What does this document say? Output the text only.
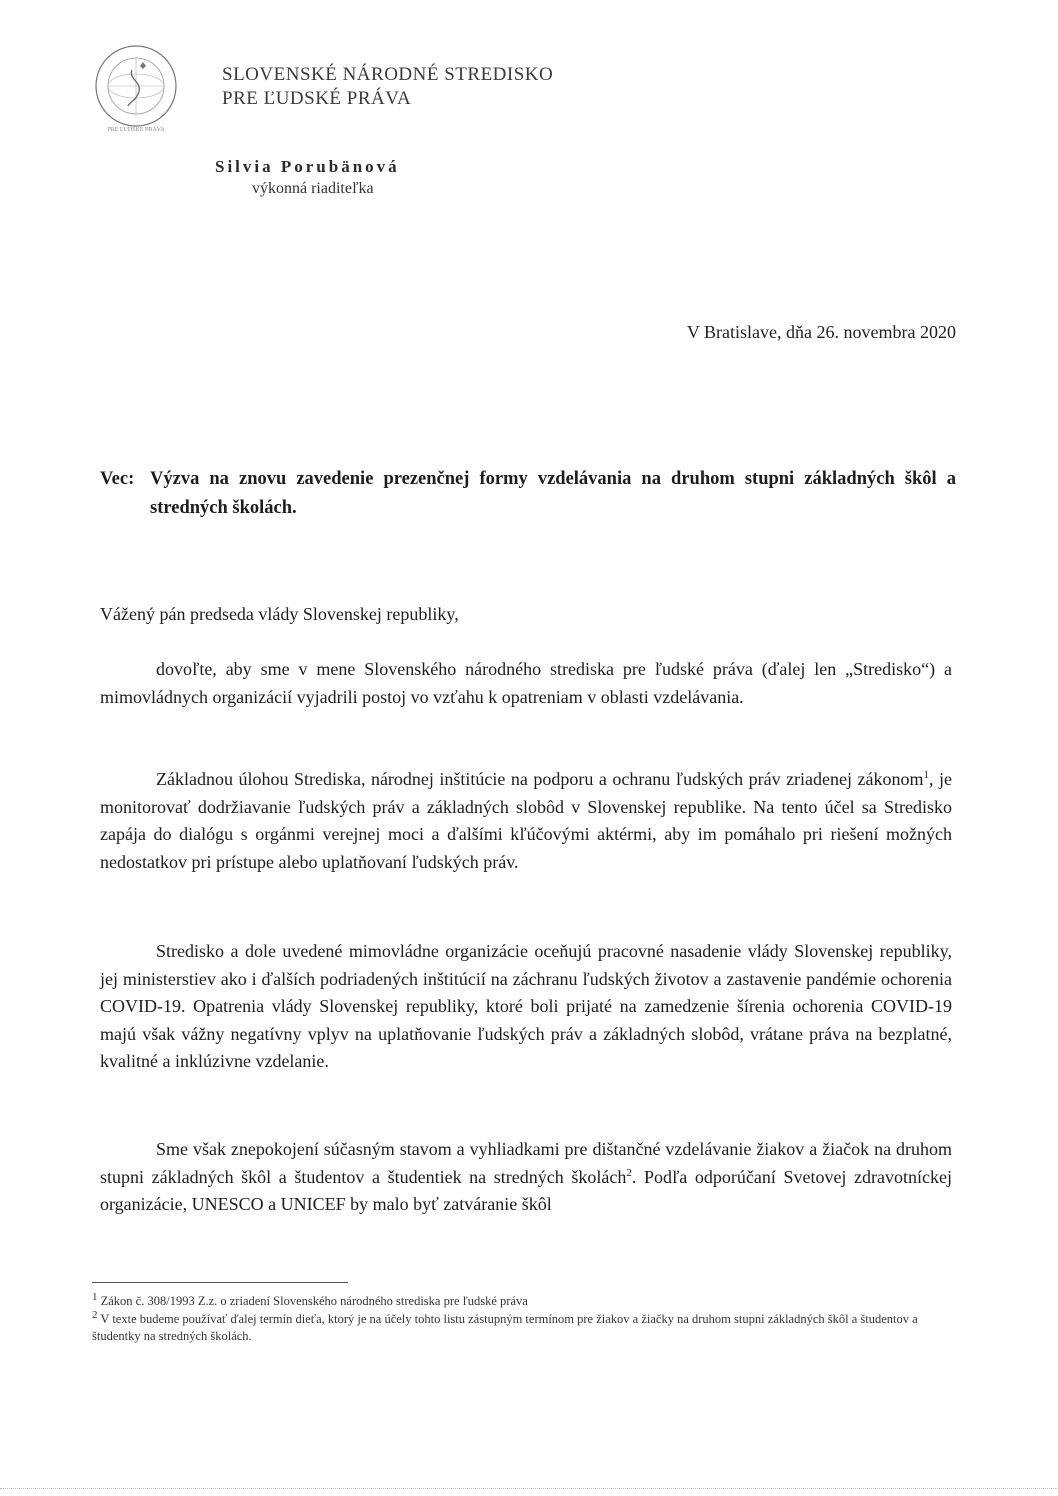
PRE ĽUDSKÉ PRÁVA
SLOVENSKÉ NÁRODNÉ STREDISKO
PRE ĽUDSKÉ PRÁVA
Silvia Porubänová
výkonná riaditeľka
V Bratislave, dňa 26. novembra 2020
Vec: Výzva na znovu zavedenie prezenčnej formy vzdelávania na druhom stupni základných škôl a stredných školách.
Vážený pán predseda vlády Slovenskej republiky,

dovoľte, aby sme v mene Slovenského národného strediska pre ľudské práva (ďalej len „Stredisko“) a mimovládnych organizácií vyjadrili postoj vo vzťahu k opatreniam v oblasti vzdelávania.

Základnou úlohou Strediska, národnej inštitúcie na podporu a ochranu ľudských práv zriadenej zákonom$^1$, je monitorovať dodržiavanie ľudských práv a základných slobôd v Slovenskej republike. Na tento účel sa Stredisko zapája do dialógu s orgánmi verejnej moci a ďalšími kľúčovými aktérmi, aby im pomáhalo pri riešení možných nedostatkov pri prístupe alebo uplatňovaní ľudských práv.

Stredisko a dole uvedené mimovládne organizácie oceňujú pracovné nasadenie vlády Slovenskej republiky, jej ministerstiev ako i ďalších podriadených inštitúcií na záchranu ľudských životov a zastavenie pandémie ochorenia COVID-19. Opatrenia vlády Slovenskej republiky, ktoré boli prijaté na zamedzenie šírenia ochorenia COVID-19 majú však vážny negatívny vplyv na uplatňovanie ľudských práv a základných slobôd, vrátane práva na bezplatné, kvalitné a inklúzivne vzdelanie.

Sme však znepokojení súčasným stavom a vyhliadkami pre dištančné vzdelávanie žiakov a žiačok na druhom stupni základných škôl a študentov a študentiek na stredných školách$^2$. Podľa odporúčaní Svetovej zdravotníckej organizácie, UNESCO a UNICEF by malo byť zatváranie škôl

$^1$ Zákon č. 308/1993 Z.z. o zriadení Slovenského národného strediska pre ľudské práva

$^2$ V texte budeme používať ďalej termín dieťa, ktorý je na účely tohto listu zástupným termínom pre žiakov a žiačky na druhom stupni základných škôl a študentov a študentky na stredných školách.
